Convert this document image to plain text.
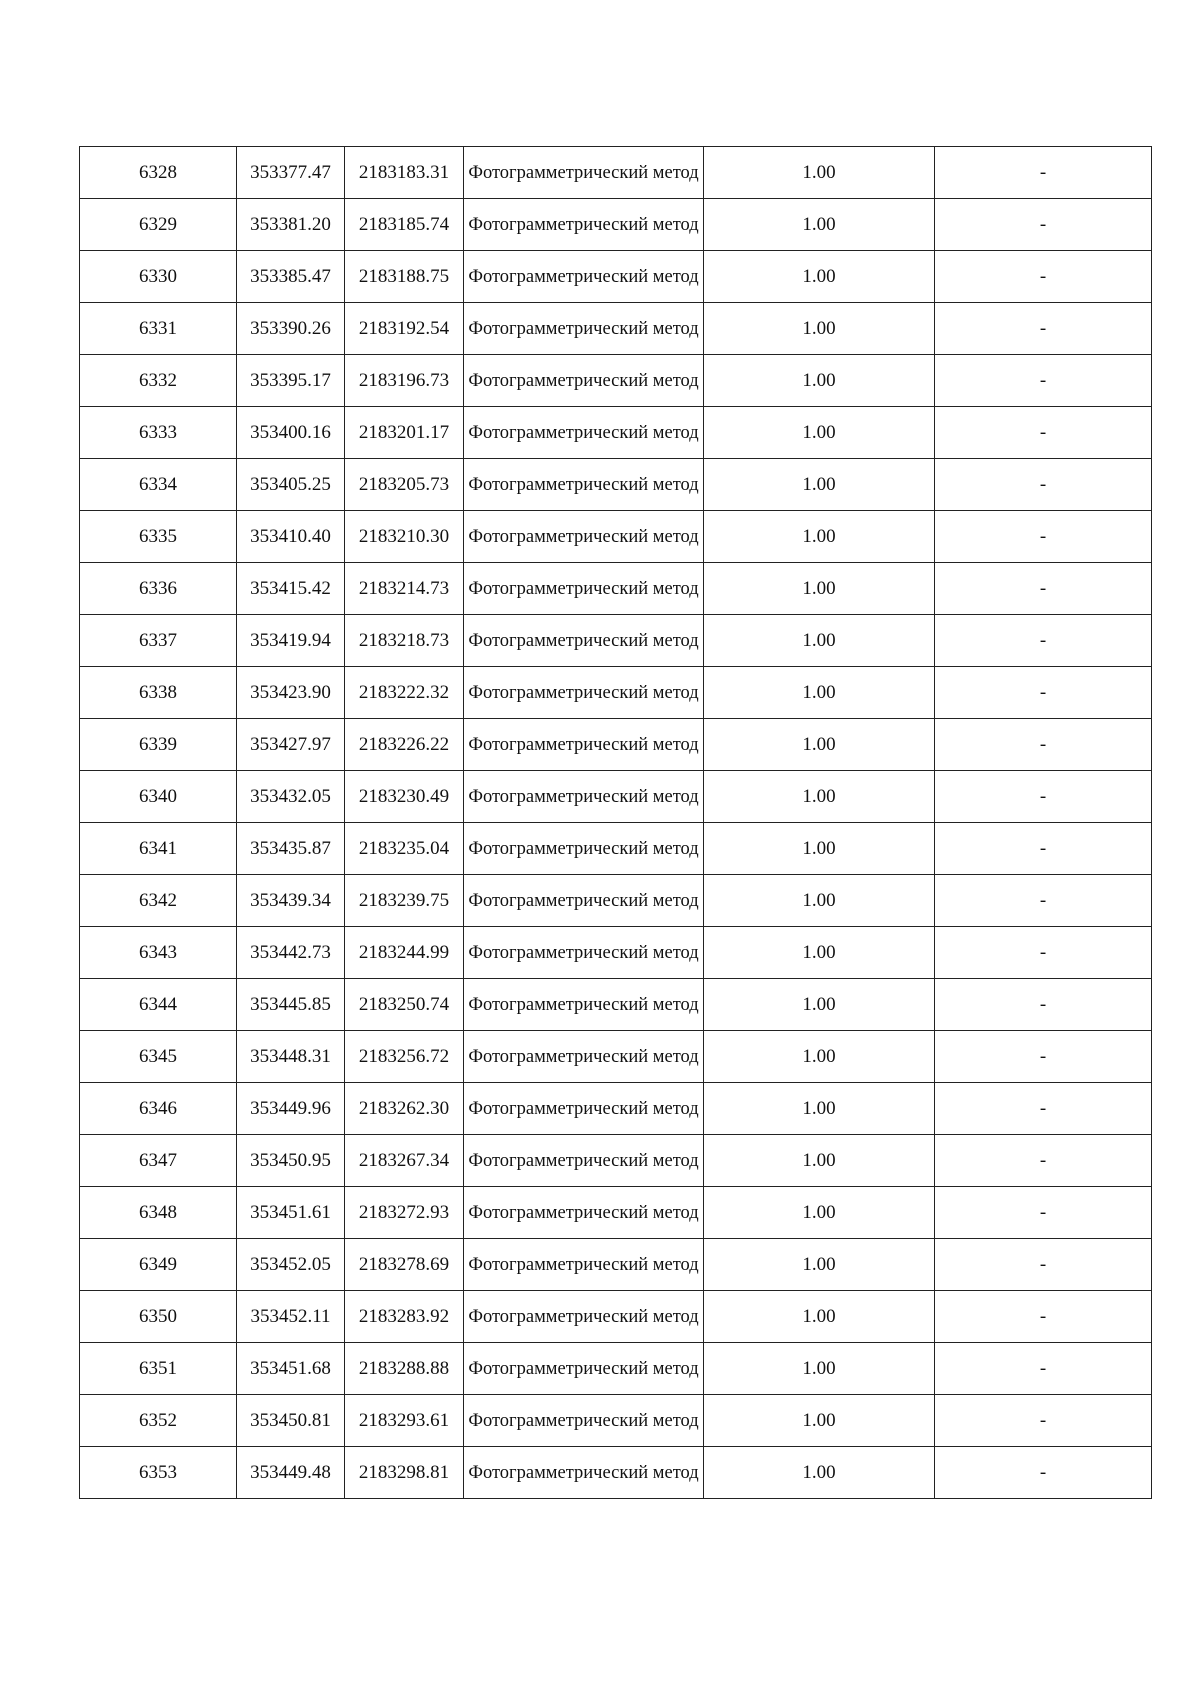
6328	353377.47	2183183.31	Фотограмметрический метод	1.00	-
6329	353381.20	2183185.74	Фотограмметрический метод	1.00	-
6330	353385.47	2183188.75	Фотограмметрический метод	1.00	-
6331	353390.26	2183192.54	Фотограмметрический метод	1.00	-
6332	353395.17	2183196.73	Фотограмметрический метод	1.00	-
6333	353400.16	2183201.17	Фотограмметрический метод	1.00	-
6334	353405.25	2183205.73	Фотограмметрический метод	1.00	-
6335	353410.40	2183210.30	Фотограмметрический метод	1.00	-
6336	353415.42	2183214.73	Фотограмметрический метод	1.00	-
6337	353419.94	2183218.73	Фотограмметрический метод	1.00	-
6338	353423.90	2183222.32	Фотограмметрический метод	1.00	-
6339	353427.97	2183226.22	Фотограмметрический метод	1.00	-
6340	353432.05	2183230.49	Фотограмметрический метод	1.00	-
6341	353435.87	2183235.04	Фотограмметрический метод	1.00	-
6342	353439.34	2183239.75	Фотограмметрический метод	1.00	-
6343	353442.73	2183244.99	Фотограмметрический метод	1.00	-
6344	353445.85	2183250.74	Фотограмметрический метод	1.00	-
6345	353448.31	2183256.72	Фотограмметрический метод	1.00	-
6346	353449.96	2183262.30	Фотограмметрический метод	1.00	-
6347	353450.95	2183267.34	Фотограмметрический метод	1.00	-
6348	353451.61	2183272.93	Фотограмметрический метод	1.00	-
6349	353452.05	2183278.69	Фотограмметрический метод	1.00	-
6350	353452.11	2183283.92	Фотограмметрический метод	1.00	-
6351	353451.68	2183288.88	Фотограмметрический метод	1.00	-
6352	353450.81	2183293.61	Фотограмметрический метод	1.00	-
6353	353449.48	2183298.81	Фотограмметрический метод	1.00	-
